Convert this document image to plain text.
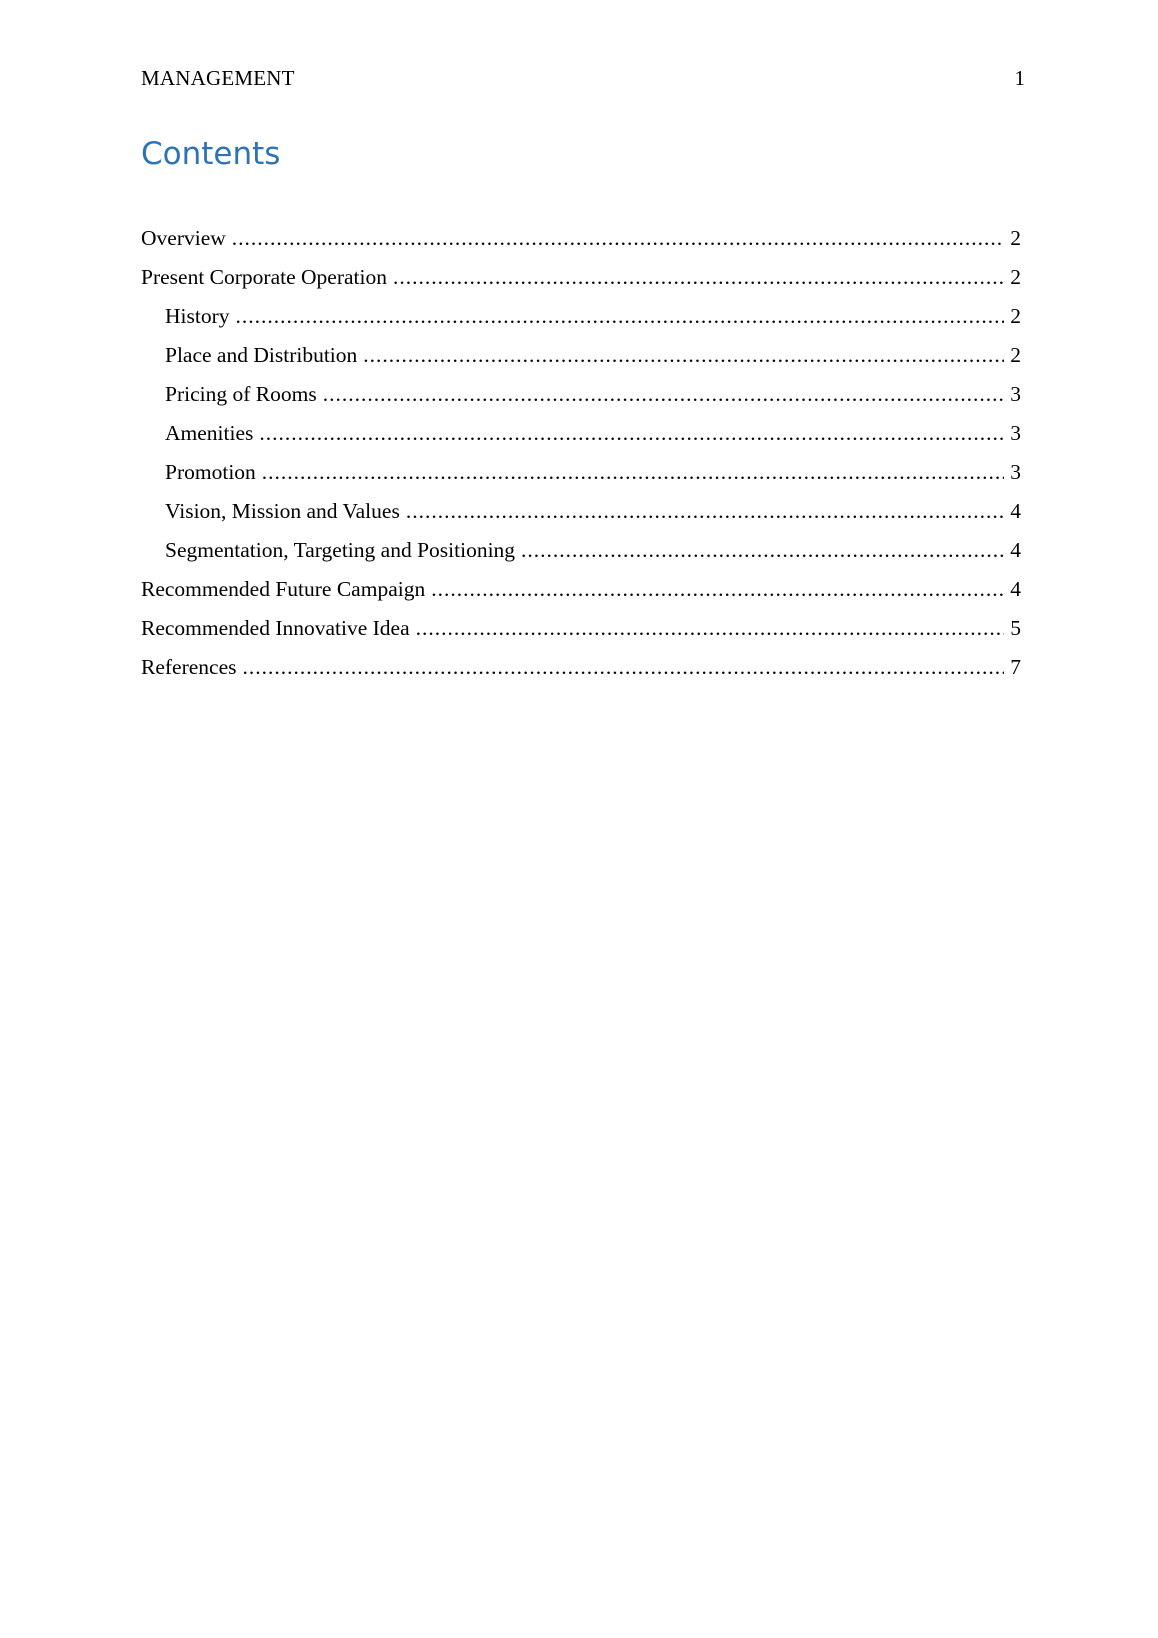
MANAGEMENT	1
Contents
Overview .....	2
Present Corporate Operation .....	2
History .....	2
Place and Distribution .....	2
Pricing of Rooms .....	3
Amenities .....	3
Promotion .....	3
Vision, Mission and Values .....	4
Segmentation, Targeting and Positioning .....	4
Recommended Future Campaign .....	4
Recommended Innovative Idea .....	5
References .....	7
